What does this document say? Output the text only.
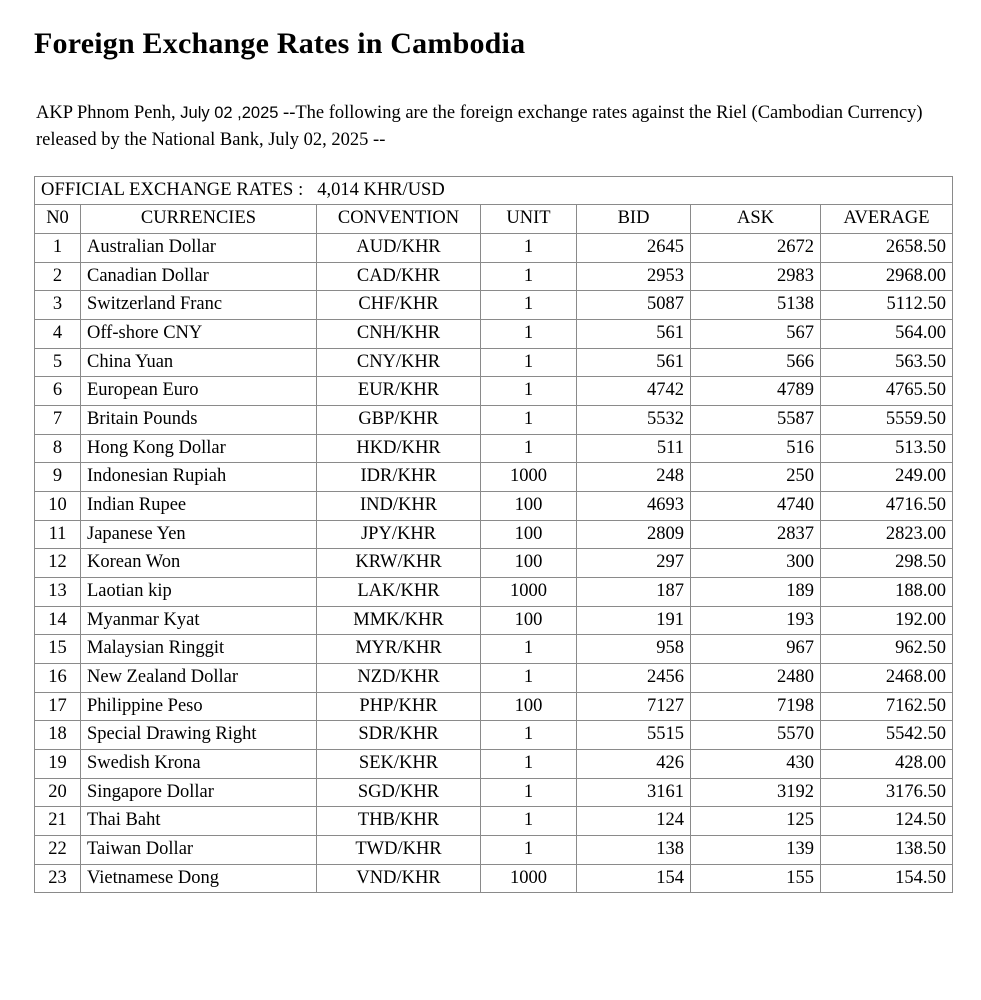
Foreign Exchange Rates in Cambodia

AKP Phnom Penh, July 02 ,2025 --The following are the foreign exchange rates against the Riel (Cambodian Currency) released by the National Bank, July 02, 2025 --

OFFICIAL EXCHANGE RATES : 4,014 KHR/USD						
N0	CURRENCIES	CONVENTION	UNIT	BID	ASK	AVERAGE
1	Australian Dollar	AUD/KHR	1	2645	2672	2658.50
2	Canadian Dollar	CAD/KHR	1	2953	2983	2968.00
3	Switzerland Franc	CHF/KHR	1	5087	5138	5112.50
4	Off-shore CNY	CNH/KHR	1	561	567	564.00
5	China Yuan	CNY/KHR	1	561	566	563.50
6	European Euro	EUR/KHR	1	4742	4789	4765.50
7	Britain Pounds	GBP/KHR	1	5532	5587	5559.50
8	Hong Kong Dollar	HKD/KHR	1	511	516	513.50
9	Indonesian Rupiah	IDR/KHR	1000	248	250	249.00
10	Indian Rupee	IND/KHR	100	4693	4740	4716.50
11	Japanese Yen	JPY/KHR	100	2809	2837	2823.00
12	Korean Won	KRW/KHR	100	297	300	298.50
13	Laotian kip	LAK/KHR	1000	187	189	188.00
14	Myanmar Kyat	MMK/KHR	100	191	193	192.00
15	Malaysian Ringgit	MYR/KHR	1	958	967	962.50
16	New Zealand Dollar	NZD/KHR	1	2456	2480	2468.00
17	Philippine Peso	PHP/KHR	100	7127	7198	7162.50
18	Special Drawing Right	SDR/KHR	1	5515	5570	5542.50
19	Swedish Krona	SEK/KHR	1	426	430	428.00
20	Singapore Dollar	SGD/KHR	1	3161	3192	3176.50
21	Thai Baht	THB/KHR	1	124	125	124.50
22	Taiwan Dollar	TWD/KHR	1	138	139	138.50
23	Vietnamese Dong	VND/KHR	1000	154	155	154.50
